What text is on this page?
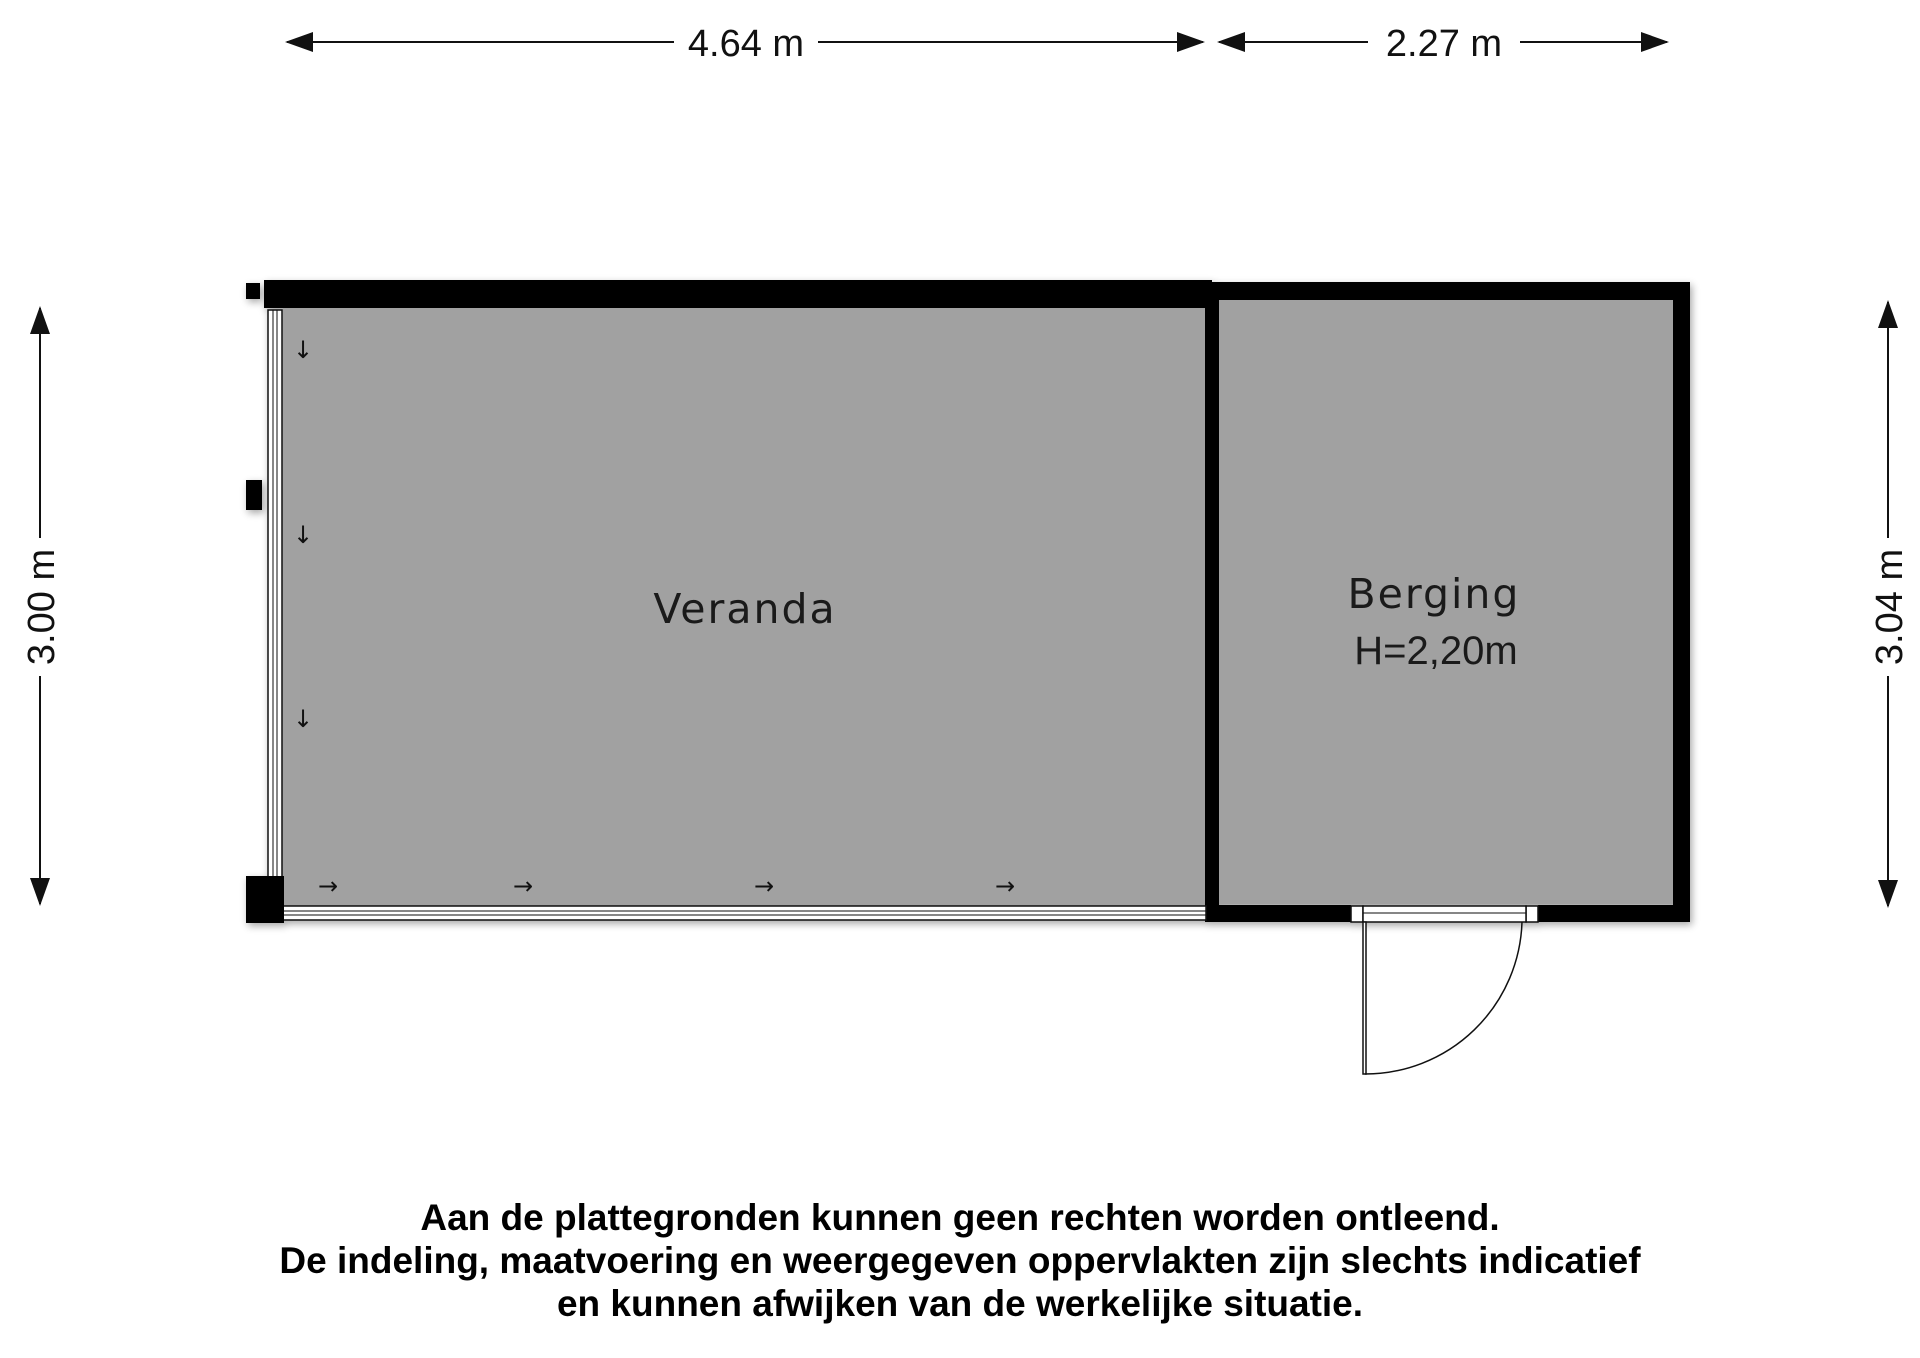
4.64 m	2.27 m
3.00 m	3.04 m
↓
↓
↓
→	→	→	→
Veranda	Berging
H=2,20m
Aan de plattegronden kunnen geen rechten worden ontleend.
De indeling, maatvoering en weergegeven oppervlakten zijn slechts indicatief
en kunnen afwijken van de werkelijke situatie.
